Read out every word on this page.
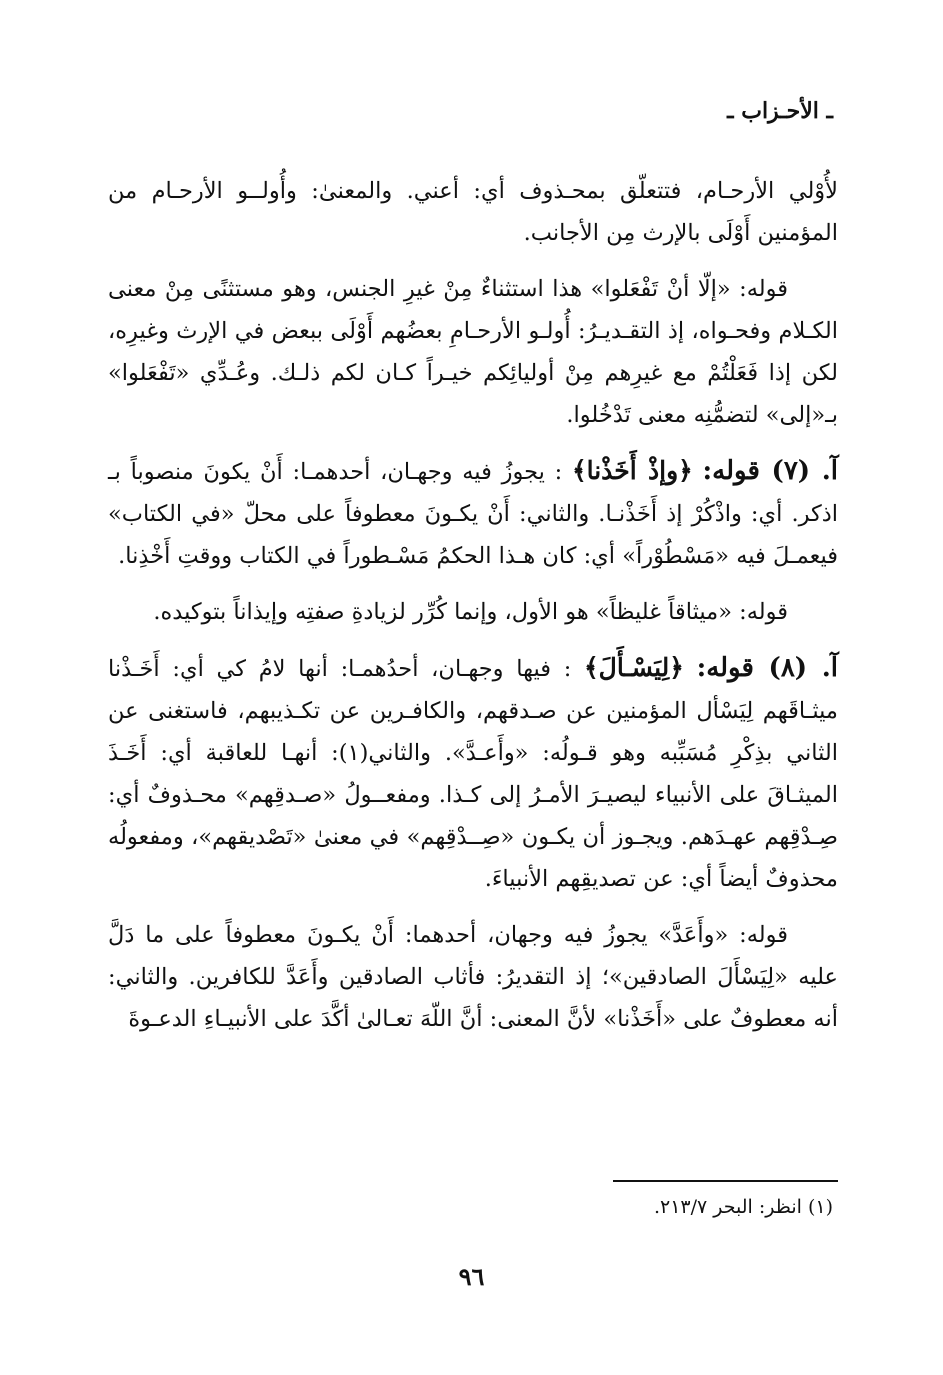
ـ الأحـزاب ـ

لأُوْلي الأرحـام، فتتعلّق بمحـذوف أي: أعني. والمعنىٰ: وأُولــو الأرحـام من المؤمنين أَوْلَى بالإرث مِن الأجانب.

قوله: «إلّا أنْ تَفْعَلوا» هذا استثناءٌ مِنْ غيرِ الجنس، وهو مستثنًى مِنْ معنى الكـلام وفحـواه، إذ التقـديـرُ: أُولـو الأرحـامِ بعضُهم أَوْلَى ببعض في الإرث وغيرِه، لكن إذا فَعَلْتُمْ مع غيرِهم مِنْ أوليائِكم خيـراً كـان لكم ذلـك. وعُـدِّي «تَفْعَلوا» بـ«إلى» لتضمُّنِه معنى تَدْخُلوا.

آ. (٧) قوله: ﴿وإذْ أَخَذْنا﴾ : يجوزُ فيه وجهـان، أحدهمـا: أَنْ يكونَ منصوباً بـ اذكر. أي: واذْكُرْ إذ أَخَذْنـا. والثاني: أَنْ يكـونَ معطوفاً على محلّ «في الكتاب» فيعمـلَ فيه «مَسْطُوْراً» أي: كان هـذا الحكمُ مَسْـطوراً في الكتاب ووقتِ أَخْذِنا.

قوله: «ميثاقاً غليظاً» هو الأول، وإنما كُرِّر لزيادةِ صفتِه وإيذاناً بتوكيده.

آ. (٨) قوله: ﴿لِيَسْـأَلَ﴾ : فيها وجهـان، أحدُهمـا: أنها لامُ كي أي: أَخَـذْنا ميثـاقَهم لِيَسْأل المؤمنين عن صـدقهم، والكافـرين عن تكـذيبهم، فاستغنى عن الثاني بذِكْرِ مُسَبِّبه وهو قـولُه: «وأَعـدَّ». والثاني(١): أنهـا للعاقبة أي: أَخَـذَ الميثـاقَ على الأنبياء ليصيـرَ الأمـرُ إلى كـذا. ومفعــولُ «صـدقِهم» محـذوفٌ أي: صِـدْقِهم عهـدَهم. ويجـوز أن يكـون «صِــدْقِهم» في معنىٰ «تَصْديقهم»، ومفعولُه محذوفٌ أيضاً أي: عن تصديقِهم الأنبياءَ.

قوله: «وأَعَدَّ» يجوزُ فيه وجهان، أحدهما: أَنْ يكـونَ معطوفاً على ما دَلَّ عليه «لِيَسْأَلَ الصادقين»؛ إذ التقديرُ: فأثاب الصادقين وأَعَدَّ للكافرين. والثاني: أنه معطوفٌ على «أَخَذْنا» لأنَّ المعنى: أنَّ اللّهَ تعـالىٰ أكَّدَ على الأنبيـاءِ الدعـوةَ

(١) انظر: البحر ٢١٣/٧.
٩٦
